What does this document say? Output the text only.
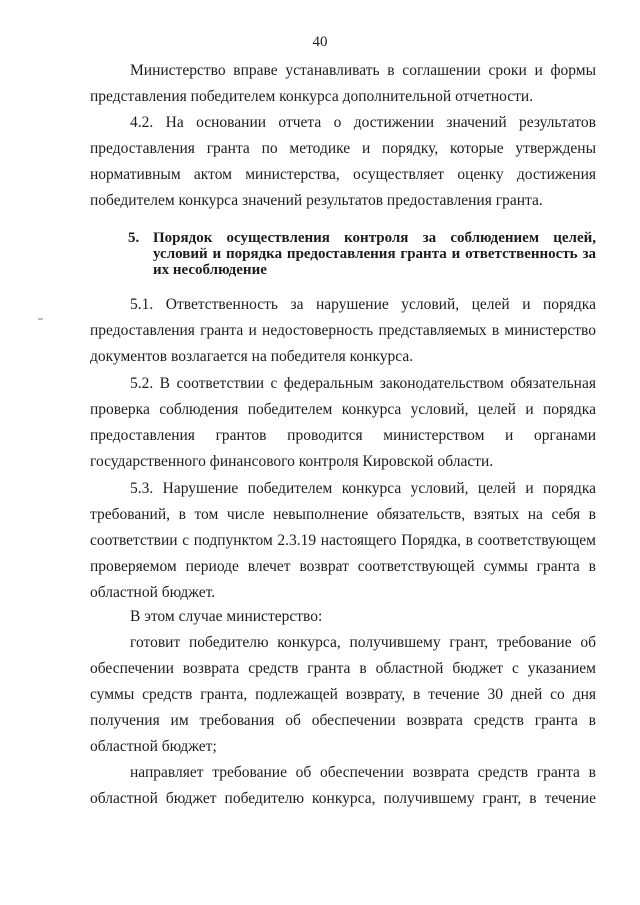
40

Министерство вправе устанавливать в соглашении сроки и формы представления победителем конкурса дополнительной отчетности.

4.2. На основании отчета о достижении значений результатов предоставления гранта по методике и порядку, которые утверждены нормативным актом министерства, осуществляет оценку достижения победителем конкурса значений результатов предоставления гранта.

5. Порядок осуществления контроля за соблюдением целей, условий и порядка предоставления гранта и ответственность за их несоблюдение

5.1. Ответственность за нарушение условий, целей и порядка предоставления гранта и недостоверность представляемых в министерство документов возлагается на победителя конкурса.

5.2. В соответствии с федеральным законодательством обязательная проверка соблюдения победителем конкурса условий, целей и порядка предоставления грантов проводится министерством и органами государственного финансового контроля Кировской области.

5.3. Нарушение победителем конкурса условий, целей и порядка требований, в том числе невыполнение обязательств, взятых на себя в соответствии с подпунктом 2.3.19 настоящего Порядка, в соответствующем проверяемом периоде влечет возврат соответствующей суммы гранта в областной бюджет.

В этом случае министерство:

готовит победителю конкурса, получившему грант, требование об обеспечении возврата средств гранта в областной бюджет с указанием суммы средств гранта, подлежащей возврату, в течение 30 дней со дня получения им требования об обеспечении возврата средств гранта в областной бюджет;

направляет требование об обеспечении возврата средств гранта в областной бюджет победителю конкурса, получившему грант, в течение
